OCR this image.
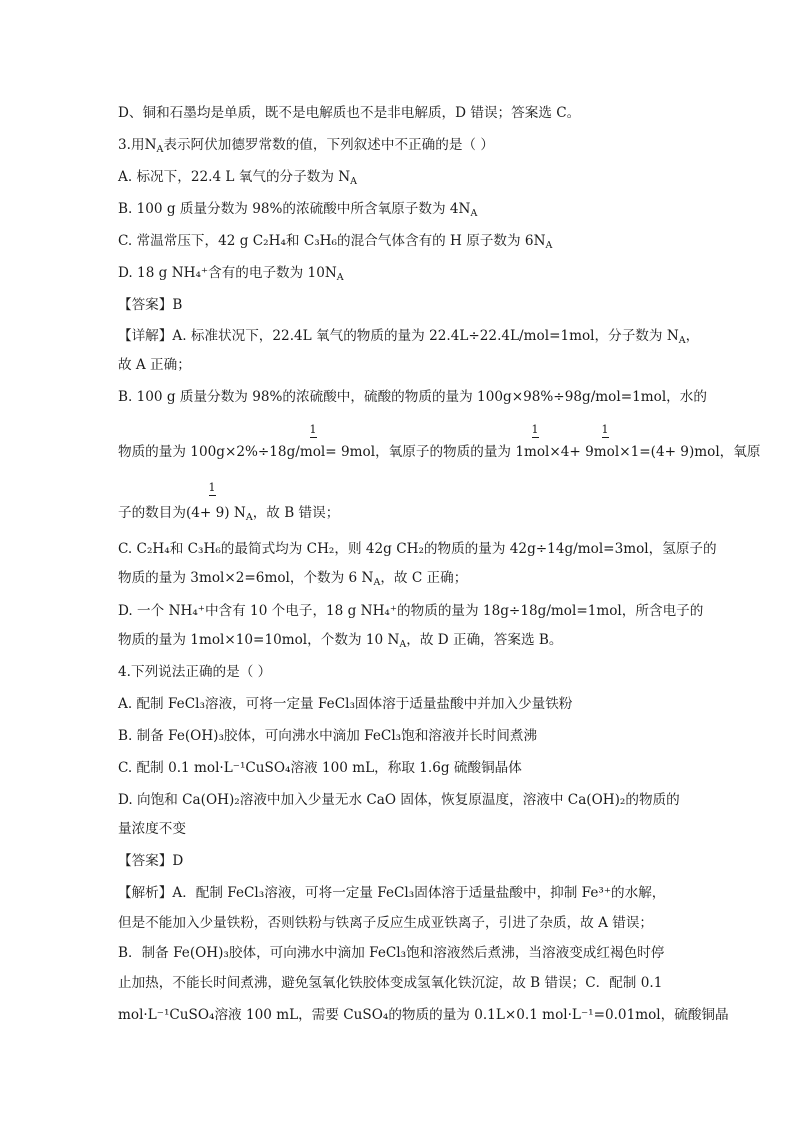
D、铜和石墨均是单质，既不是电解质也不是非电解质，D 错误；答案选 C。
3.用$N_A$表示阿伏加德罗常数的值，下列叙述中不正确的是（ ）
A. 标况下，22.4 L 氧气的分子数为 $N_A$
B. 100 g 质量分数为 98%的浓硫酸中所含氧原子数为 $4N_A$
C. 常温常压下，42 g C₂H₄和 C₃H₆的混合气体含有的 H 原子数为 $6N_A$
D. 18 g NH₄⁺含有的电子数为 $10N_A$
【答案】B
【详解】A. 标准状况下，22.4L 氧气的物质的量为 22.4L÷22.4L/mol=1mol，分子数为 $N_A$，
故 A 正确；
B. 100 g 质量分数为 98%的浓硫酸中，硫酸的物质的量为 100g×98%÷98g/mol=1mol，水的
1	1	1
物质的量为 100g×2%÷18g/mol= 9mol，氧原子的物质的量为 1mol×4+ 9mol×1=(4+ 9)mol，氧原
1
子的数目为(4+ 9) $N_A$，故 B 错误；
C. C₂H₄和 C₃H₆的最简式均为 CH₂，则 42g CH₂的物质的量为 42g÷14g/mol=3mol，氢原子的
物质的量为 3mol×2=6mol，个数为 6 $N_A$，故 C 正确；
D. 一个 NH₄⁺中含有 10 个电子，18 g NH₄⁺的物质的量为 18g÷18g/mol=1mol，所含电子的
物质的量为 1mol×10=10mol，个数为 10 $N_A$，故 D 正确，答案选 B。
4.下列说法正确的是（ ）
A. 配制 FeCl₃溶液，可将一定量 FeCl₃固体溶于适量盐酸中并加入少量铁粉
B. 制备 Fe(OH)₃胶体，可向沸水中滴加 FeCl₃饱和溶液并长时间煮沸
C. 配制 0.1 mol·L⁻¹CuSO₄溶液 100 mL，称取 1.6g 硫酸铜晶体
D. 向饱和 Ca(OH)₂溶液中加入少量无水 CaO 固体，恢复原温度，溶液中 Ca(OH)₂的物质的
量浓度不变
【答案】D
【解析】A．配制 FeCl₃溶液，可将一定量 FeCl₃固体溶于适量盐酸中，抑制 Fe³⁺的水解，
但是不能加入少量铁粉，否则铁粉与铁离子反应生成亚铁离子，引进了杂质，故 A 错误；
B．制备 Fe(OH)₃胶体，可向沸水中滴加 FeCl₃饱和溶液然后煮沸，当溶液变成红褐色时停
止加热，不能长时间煮沸，避免氢氧化铁胶体变成氢氧化铁沉淀，故 B 错误；C．配制 0.1
mol·L⁻¹CuSO₄溶液 100 mL，需要 CuSO₄的物质的量为 0.1L×0.1 mol·L⁻¹=0.01mol，硫酸铜晶
